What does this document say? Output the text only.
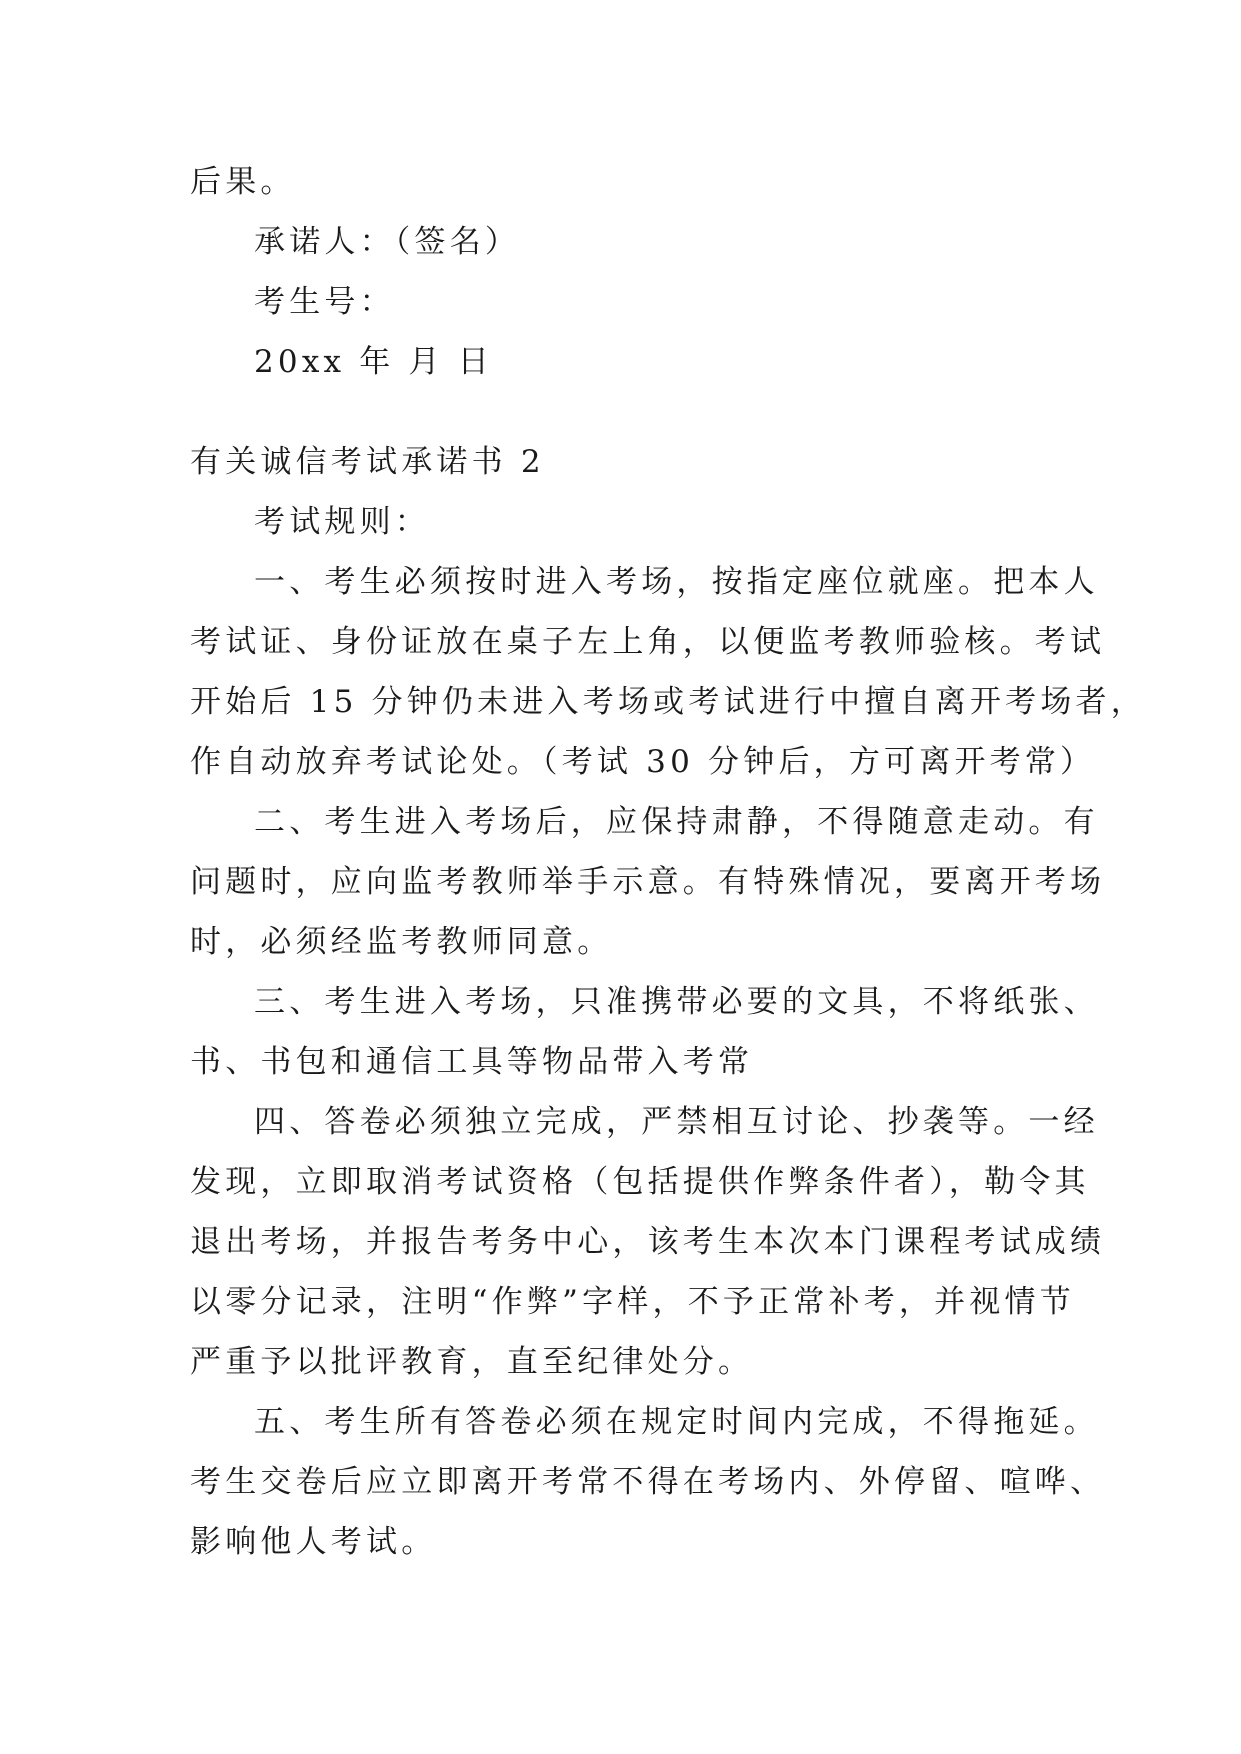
后果。
承诺人：（签名）
考生号：
20xx 年 月 日
有关诚信考试承诺书 2
考试规则：
一、考生必须按时进入考场，按指定座位就座。把本人
考试证、身份证放在桌子左上角，以便监考教师验核。考试
开始后 15 分钟仍未进入考场或考试进行中擅自离开考场者，
作自动放弃考试论处。（考试 30 分钟后，方可离开考常）
二、考生进入考场后，应保持肃静，不得随意走动。有
问题时，应向监考教师举手示意。有特殊情况，要离开考场
时，必须经监考教师同意。
三、考生进入考场，只准携带必要的文具，不将纸张、
书、书包和通信工具等物品带入考常
四、答卷必须独立完成，严禁相互讨论、抄袭等。一经
发现，立即取消考试资格（包括提供作弊条件者），勒令其
退出考场，并报告考务中心，该考生本次本门课程考试成绩
以零分记录，注明“作弊”字样，不予正常补考，并视情节
严重予以批评教育，直至纪律处分。
五、考生所有答卷必须在规定时间内完成，不得拖延。
考生交卷后应立即离开考常不得在考场内、外停留、喧哗、
影响他人考试。
